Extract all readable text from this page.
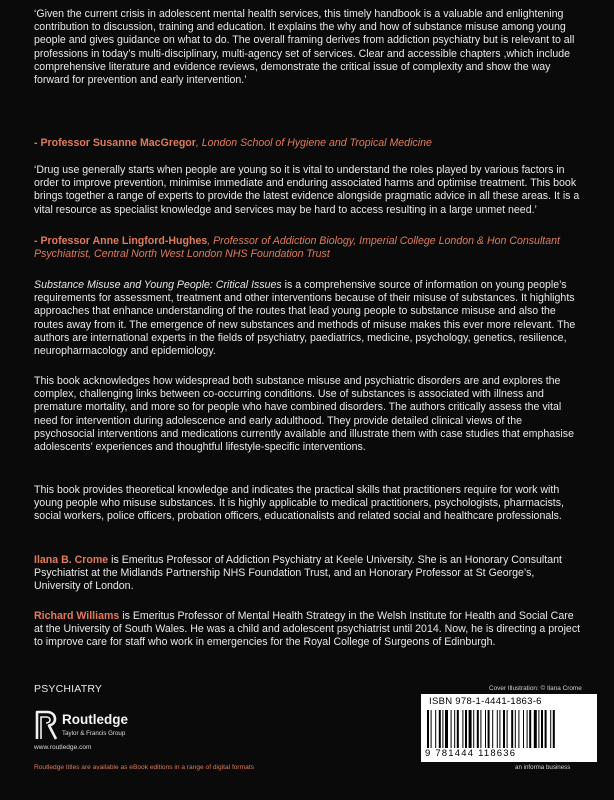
‘Given the current crisis in adolescent mental health services, this timely handbook is a valuable and enlightening contribution to discussion, training and education. It explains the why and how of substance misuse among young people and gives guidance on what to do. The overall framing derives from addiction psychiatry but is relevant to all professions in today’s multi-disciplinary, multi-agency set of services. Clear and accessible chapters ,which include comprehensive literature and evidence reviews, demonstrate the critical issue of complexity and show the way forward for prevention and early intervention.’

- Professor Susanne MacGregor, London School of Hygiene and Tropical Medicine

‘Drug use generally starts when people are young so it is vital to understand the roles played by various factors in order to improve prevention, minimise immediate and enduring associated harms and optimise treatment. This book brings together a range of experts to provide the latest evidence alongside pragmatic advice in all these areas. It is a vital resource as specialist knowledge and services may be hard to access resulting in a large unmet need.’

- Professor Anne Lingford-Hughes, Professor of Addiction Biology, Imperial College London & Hon Consultant Psychiatrist, Central North West London NHS Foundation Trust

Substance Misuse and Young People: Critical Issues is a comprehensive source of information on young people’s requirements for assessment, treatment and other interventions because of their misuse of substances. It highlights approaches that enhance understanding of the routes that lead young people to substance misuse and also the routes away from it. The emergence of new substances and methods of misuse makes this ever more relevant. The authors are international experts in the fields of psychiatry, paediatrics, medicine, psychology, genetics, resilience, neuropharmacology and epidemiology.

This book acknowledges how widespread both substance misuse and psychiatric disorders are and explores the complex, challenging links between co-occurring conditions. Use of substances is associated with illness and premature mortality, and more so for people who have combined disorders. The authors critically assess the vital need for intervention during adolescence and early adulthood. They provide detailed clinical views of the psychosocial interventions and medications currently available and illustrate them with case studies that emphasise adolescents’ experiences and thoughtful lifestyle-specific interventions.

This book provides theoretical knowledge and indicates the practical skills that practitioners require for work with young people who misuse substances. It is highly applicable to medical practitioners, psychologists, pharmacists, social workers, police officers, probation officers, educationalists and related social and healthcare professionals.

Ilana B. Crome is Emeritus Professor of Addiction Psychiatry at Keele University. She is an Honorary Consultant Psychiatrist at the Midlands Partnership NHS Foundation Trust, and an Honorary Professor at St George’s, University of London.

Richard Williams is Emeritus Professor of Mental Health Strategy in the Welsh Institute for Health and Social Care at the University of South Wales. He was a child and adolescent psychiatrist until 2014. Now, he is directing a project to improve care for staff who work in emergencies for the Royal College of Surgeons of Edinburgh.

PSYCHIATRY
Routledge
Taylor & Francis Group
www.routledge.com
Routledge titles are available as eBook editions in a range of digital formats
Cover Illustration: © Ilana Crome
ISBN 978-1-4441-1863-6
9 781444 118636
an informa business
